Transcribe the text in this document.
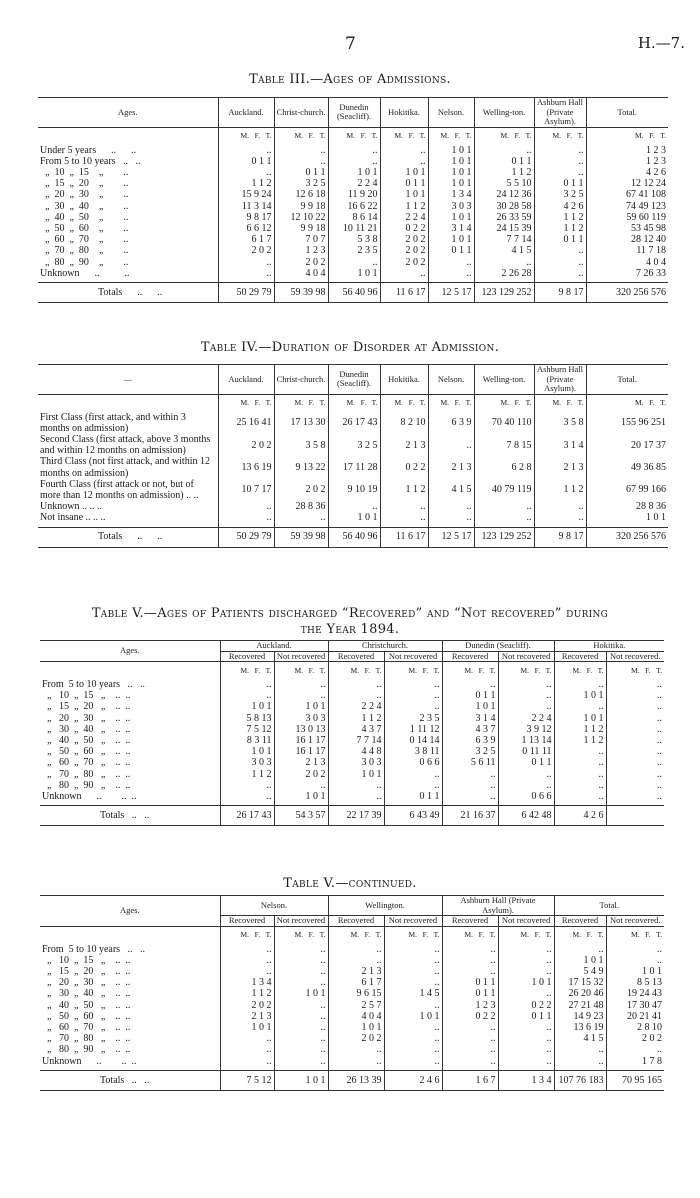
7	H.—7.
Table III.—Ages of Admissions.
Ages.	Auckland.	Christ-church.	Dunedin (Seacliff).	Hokitika.	Nelson.	Welling-ton.	Ashburn Hall (Private Asylum).	Total.
	M.   F.   T.	M.   F.   T.	M.   F.   T.	M.   F.   T.	M.   F.   T.	M.   F.   T.	M.   F.   T.	M.   F.   T.
Under 5 years      ..      ..	..	..	..	..	1 0 1	..	..	1 2 3
From 5 to 10 years   ..   ..	0 1 1	..	..	..	1 0 1	0 1 1	..	1 2 3
„  10  „  15    „        ..	..	0 1 1	1 0 1	1 0 1	1 0 1	1 1 2	..	4 2 6
„  15  „  20    „        ..	1 1 2	3 2 5	2 2 4	0 1 1	1 0 1	5 5 10	0 1 1	12 12 24
„  20  „  30    „        ..	15 9 24	12 6 18	11 9 20	1 0 1	1 3 4	24 12 36	3 2 5	67 41 108
„  30  „  40    „        ..	11 3 14	9 9 18	16 6 22	1 1 2	3 0 3	30 28 58	4 2 6	74 49 123
„  40  „  50    „        ..	9 8 17	12 10 22	8 6 14	2 2 4	1 0 1	26 33 59	1 1 2	59 60 119
„  50  „  60    „        ..	6 6 12	9 9 18	10 11 21	0 2 2	3 1 4	24 15 39	1 1 2	53 45 98
„  60  „  70    „        ..	6 1 7	7 0 7	5 3 8	2 0 2	1 0 1	7 7 14	0 1 1	28 12 40
„  70  „  80    „        ..	2 0 2	1 2 3	2 3 5	2 0 2	0 1 1	4 1 5	..	11 7 18
„  80  „  90    „        ..	..	2 0 2	..	2 0 2	..	..	..	4 0 4
Unknown      ..          ..	..	4 0 4	1 0 1	..	..	2 26 28	..	7 26 33

Totals      ..      ..	50 29 79	59 39 98	56 40 96	11 6 17	12 5 17	123 129 252	9 8 17	320 256 576
Table IV.—Duration of Disorder at Admission.
—	Auckland.	Christ-church.	Dunedin (Seacliff).	Hokitika.	Nelson.	Welling-ton.	Ashburn Hall (Private Asylum).	Total.
	M.   F.   T.	M.   F.   T.	M.   F.   T.	M.   F.   T.	M.   F.   T.	M.   F.   T.	M.   F.   T.	M.   F.   T.
First Class (first attack, and within 3 months on admission)	25 16 41	17 13 30	26 17 43	8 2 10	6 3 9	70 40 110	3 5 8	155 96 251
Second Class (first attack, above 3 months and within 12 months on admission)	2 0 2	3 5 8	3 2 5	2 1 3	..	7 8 15	3 1 4	20 17 37
Third Class (not first attack, and within 12 months on admission)	13 6 19	9 13 22	17 11 28	0 2 2	2 1 3	6 2 8	2 1 3	49 36 85
Fourth Class (first attack or not, but of more than 12 months on admission) .. ..	10 7 17	2 0 2	9 10 19	1 1 2	4 1 5	40 79 119	1 1 2	67 99 166
Unknown .. .. ..	..	28 8 36	..	..	..	..	..	28 8 36
Not insane .. .. ..	..	..	1 0 1	..	..	..	..	1 0 1

Totals      ..      ..	50 29 79	59 39 98	56 40 96	11 6 17	12 5 17	123 129 252	9 8 17	320 256 576
Table V.—Ages of Patients discharged “Recovered” and “Not recovered” during
the Year 1894.
Ages.	Auckland.		Christchurch.		Dunedin (Seacliff).		Hokitika.	
	Recovered	Not recovered	Recovered	Not recovered	Recovered	Not recovered	Recovered	Not recovered.
	M.   F.   T.	M.   F.   T.	M.   F.   T.	M.   F.   T.	M.   F.   T.	M.   F.   T.	M.   F.   T.	M.   F.   T.
From  5 to 10 years   ..   ..	..	..	..	..	..	..	..	..
„   10  „  15   „    ..  ..	..	..	..	..	0 1 1	..	1 0 1	..
„   15  „  20   „    ..  ..	1 0 1	1 0 1	2 2 4	..	1 0 1	..	..	..
„   20  „  30   „    ..  ..	5 8 13	3 0 3	1 1 2	2 3 5	3 1 4	2 2 4	1 0 1	..
„   30  „  40   „    ..  ..	7 5 12	13 0 13	4 3 7	1 11 12	4 3 7	3 9 12	1 1 2	..
„   40  „  50   „    ..  ..	8 3 11	16 1 17	7 7 14	0 14 14	6 3 9	1 13 14	1 1 2	..
„   50  „  60   „    ..  ..	1 0 1	16 1 17	4 4 8	3 8 11	3 2 5	0 11 11	..	..
„   60  „  70   „    ..  ..	3 0 3	2 1 3	3 0 3	0 6 6	5 6 11	0 1 1	..	..
„   70  „  80   „    ..  ..	1 1 2	2 0 2	1 0 1	..	..	..	..	..
„   80  „  90   „    ..  ..	..	..	..	..	..	..	..	..
Unknown      ..        ..  ..	..	1 0 1	..	0 1 1	..	0 6 6	..	..

Totals   ..   ..	26 17 43	54 3 57	22 17 39	6 43 49	21 16 37	6 42 48	4 2 6	
Table V.—continued.
Ages.	Nelson.		Wellington.		Ashburn Hall (Private Asylum).		Total.	
	Recovered	Not recovered	Recovered	Not recovered	Recovered	Not recovered	Recovered	Not recovered.
	M.   F.   T.	M.   F.   T.	M.   F.   T.	M.   F.   T.	M.   F.   T.	M.   F.   T.	M.   F.   T.	M.   F.   T.
From  5 to 10 years   ..   ..	..	..	..	..	..	..	..	..
„   10  „  15   „    ..  ..	..	..	..	..	..	..	1 0 1	..
„   15  „  20   „    ..  ..	..	..	2 1 3	..	..	..	5 4 9	1 0 1
„   20  „  30   „    ..  ..	1 3 4	..	6 1 7	..	0 1 1	1 0 1	17 15 32	8 5 13
„   30  „  40   „    ..  ..	1 1 2	1 0 1	9 6 15	1 4 5	0 1 1	..	26 20 46	19 24 43
„   40  „  50   „    ..  ..	2 0 2	..	2 5 7	..	1 2 3	0 2 2	27 21 48	17 30 47
„   50  „  60   „    ..  ..	2 1 3	..	4 0 4	1 0 1	0 2 2	0 1 1	14 9 23	20 21 41
„   60  „  70   „    ..  ..	1 0 1	..	1 0 1	..	..	..	13 6 19	2 8 10
„   70  „  80   „    ..  ..	..	..	2 0 2	..	..	..	4 1 5	2 0 2
„   80  „  90   „    ..  ..	..	..	..	..	..	..	..	..
Unknown      ..        ..  ..	..	..	..	..	..	..	..	1 7 8

Totals   ..   ..	7 5 12	1 0 1	26 13 39	2 4 6	1 6 7	1 3 4	107 76 183	70 95 165
